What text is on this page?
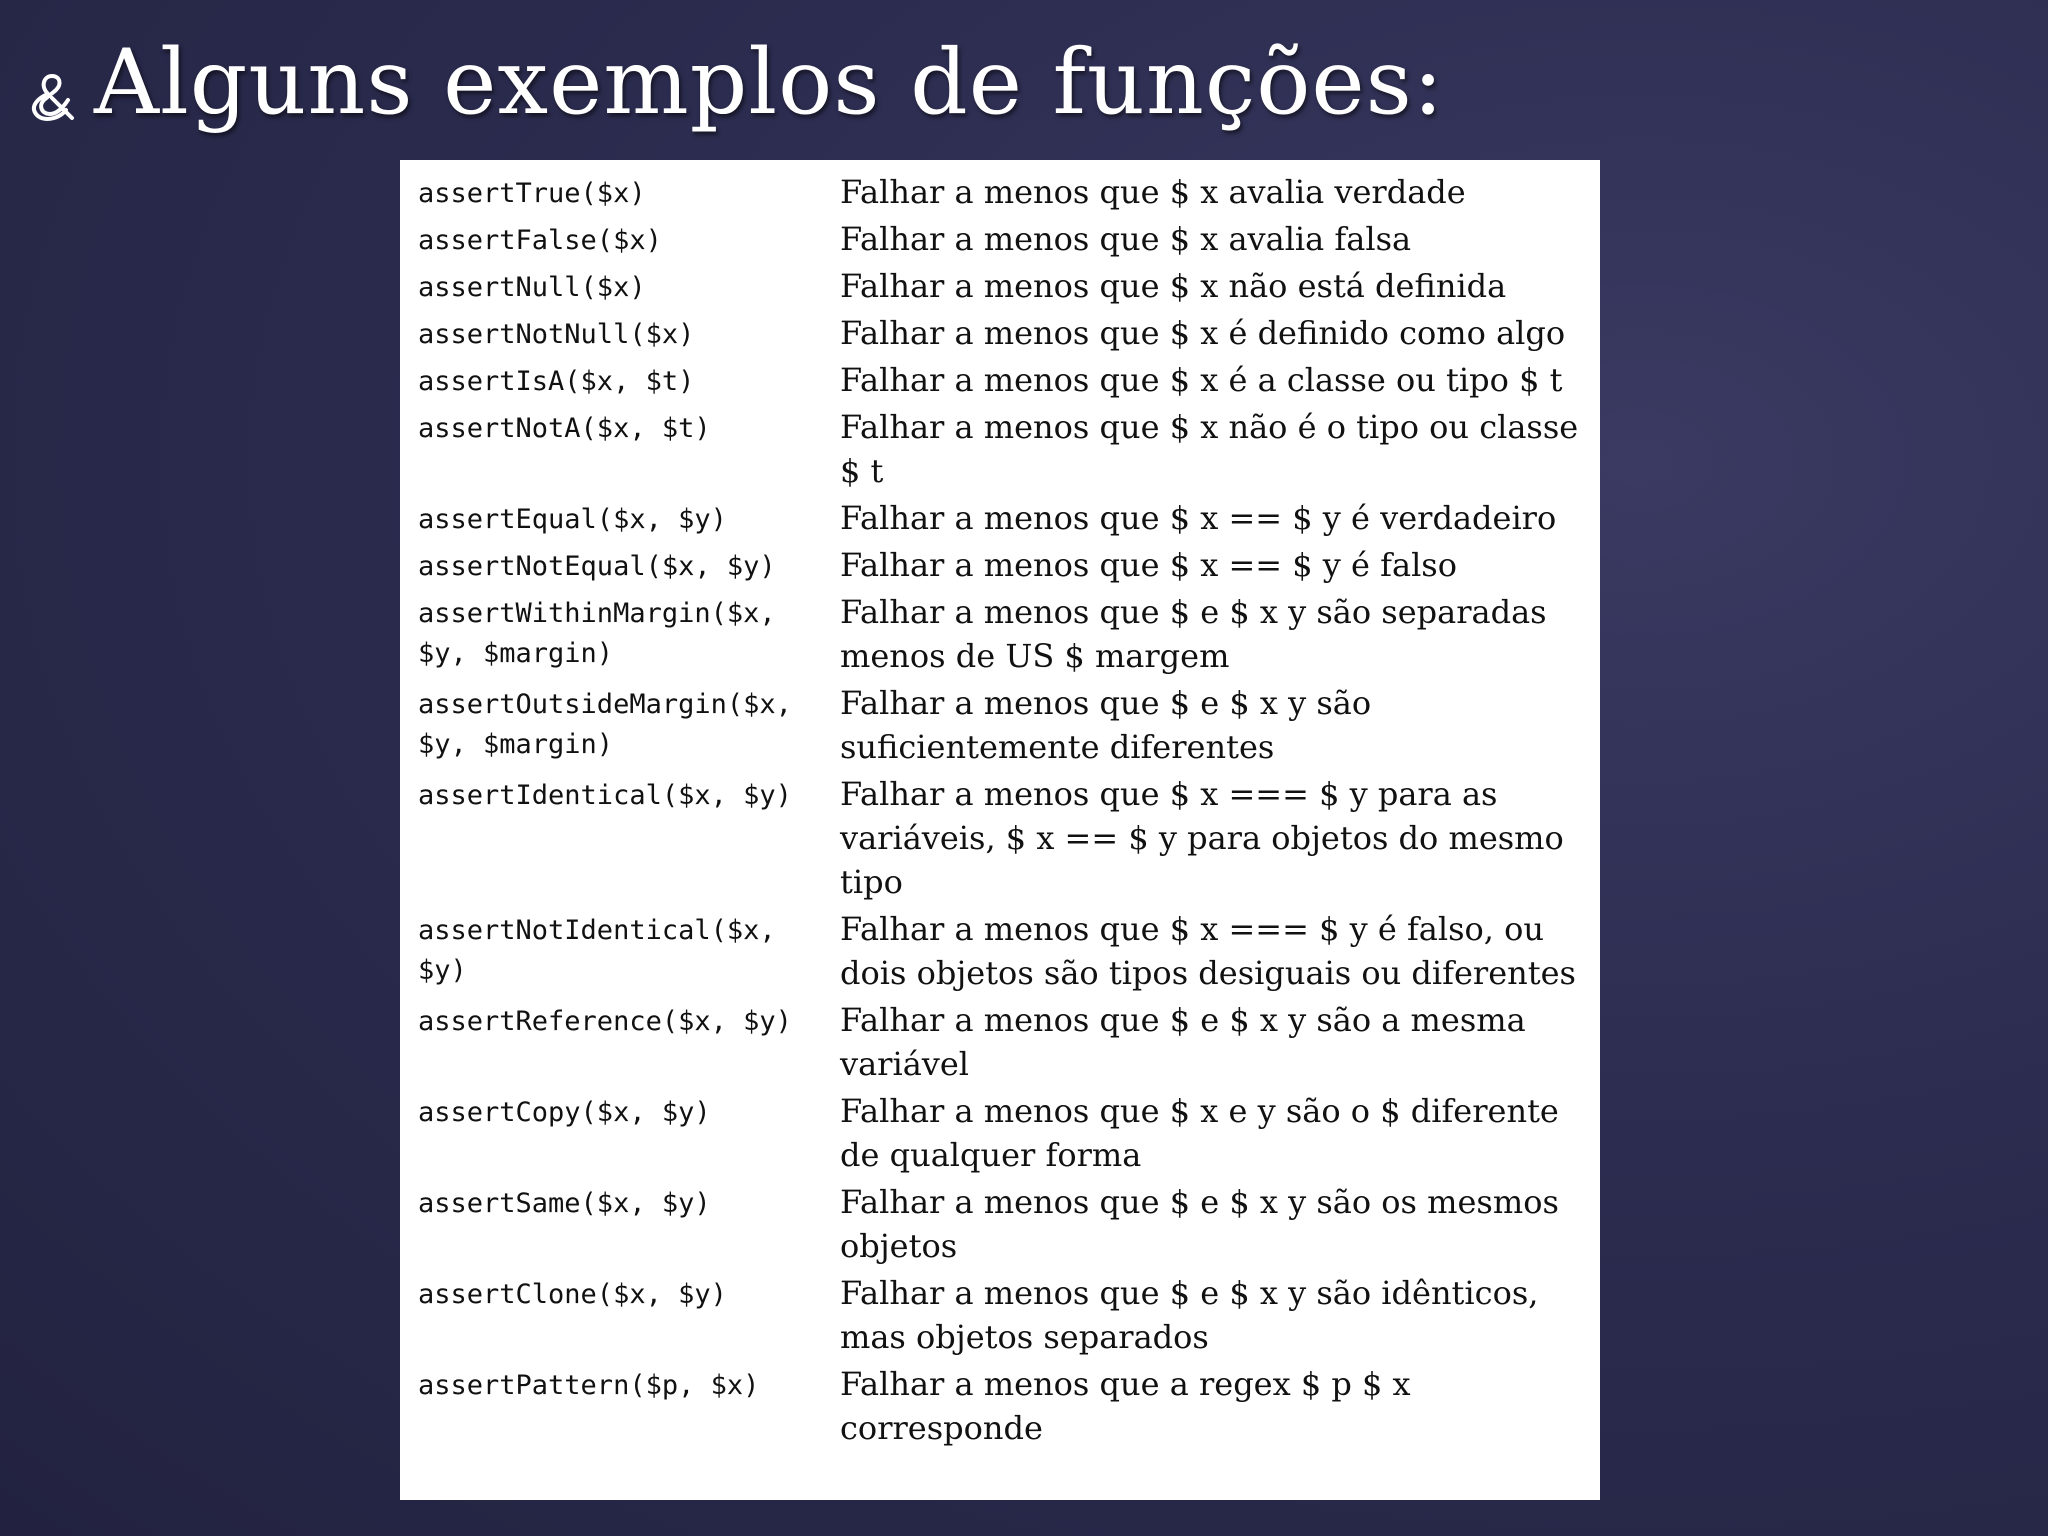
Alguns exemplos de funções:
assertTrue($x)	Falhar a menos que $ x avalia verdade
assertFalse($x)	Falhar a menos que $ x avalia falsa
assertNull($x)	Falhar a menos que $ x não está definida
assertNotNull($x)	Falhar a menos que $ x é definido como algo
assertIsA($x, $t)	Falhar a menos que $ x é a classe ou tipo $ t
assertNotA($x, $t)	Falhar a menos que $ x não é o tipo ou classe $ t
assertEqual($x, $y)	Falhar a menos que $ x == $ y é verdadeiro
assertNotEqual($x, $y)	Falhar a menos que $ x == $ y é falso
assertWithinMargin($x, $y, $margin)	Falhar a menos que $ e $ x y são separadas menos de US $ margem
assertOutsideMargin($x, $y, $margin)	Falhar a menos que $ e $ x y são suficientemente diferentes
assertIdentical($x, $y)	Falhar a menos que $ x === $ y para as variáveis, $ x == $ y para objetos do mesmo tipo
assertNotIdentical($x, $y)	Falhar a menos que $ x === $ y é falso, ou dois objetos são tipos desiguais ou diferentes
assertReference($x, $y)	Falhar a menos que $ e $ x y são a mesma variável
assertCopy($x, $y)	Falhar a menos que $ x e y são o $ diferente de qualquer forma
assertSame($x, $y)	Falhar a menos que $ e $ x y são os mesmos objetos
assertClone($x, $y)	Falhar a menos que $ e $ x y são idênticos, mas objetos separados
assertPattern($p, $x)	Falhar a menos que a regex $ p $ x corresponde
